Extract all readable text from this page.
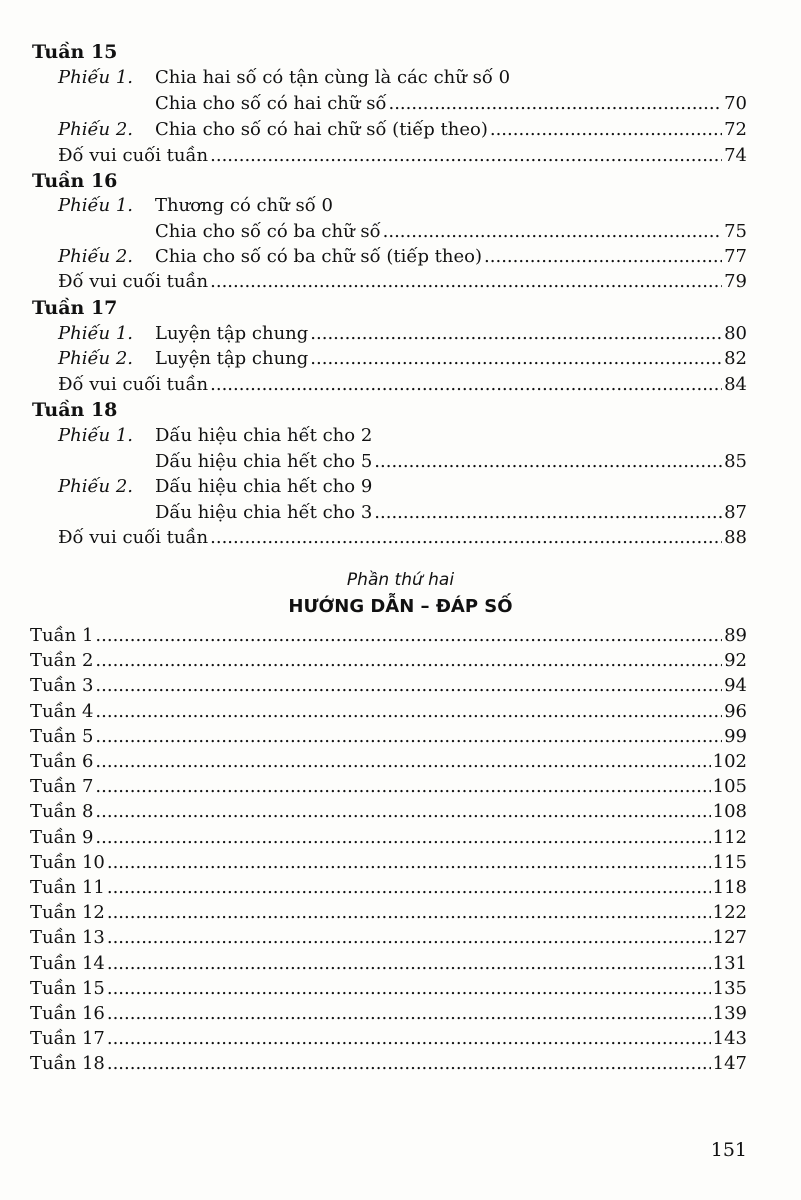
Tuần 15
Phiếu 1.	Chia hai số có tận cùng là các chữ số 0
Chia cho số có hai chữ số .....	70
Phiếu 2.	Chia cho số có hai chữ số (tiếp theo) .....	72
Đố vui cuối tuần .....	74
Tuần 16
Phiếu 1.	Thương có chữ số 0
Chia cho số có ba chữ số .....	75
Phiếu 2.	Chia cho số có ba chữ số (tiếp theo) .....	77
Đố vui cuối tuần .....	79
Tuần 17
Phiếu 1.	Luyện tập chung .....	80
Phiếu 2.	Luyện tập chung .....	82
Đố vui cuối tuần .....	84
Tuần 18
Phiếu 1.	Dấu hiệu chia hết cho 2
Dấu hiệu chia hết cho 5 .....	85
Phiếu 2.	Dấu hiệu chia hết cho 9
Dấu hiệu chia hết cho 3 .....	87
Đố vui cuối tuần .....	88
Phần thứ hai
HƯỚNG DẪN – ĐÁP SỐ
Tuần 1 .....	89
Tuần 2 .....	92
Tuần 3 .....	94
Tuần 4 .....	96
Tuần 5 .....	99
Tuần 6 .....	102
Tuần 7 .....	105
Tuần 8 .....	108
Tuần 9 .....	112
Tuần 10 .....	115
Tuần 11 .....	118
Tuần 12 .....	122
Tuần 13 .....	127
Tuần 14 .....	131
Tuần 15 .....	135
Tuần 16 .....	139
Tuần 17 .....	143
Tuần 18 .....	147
151
